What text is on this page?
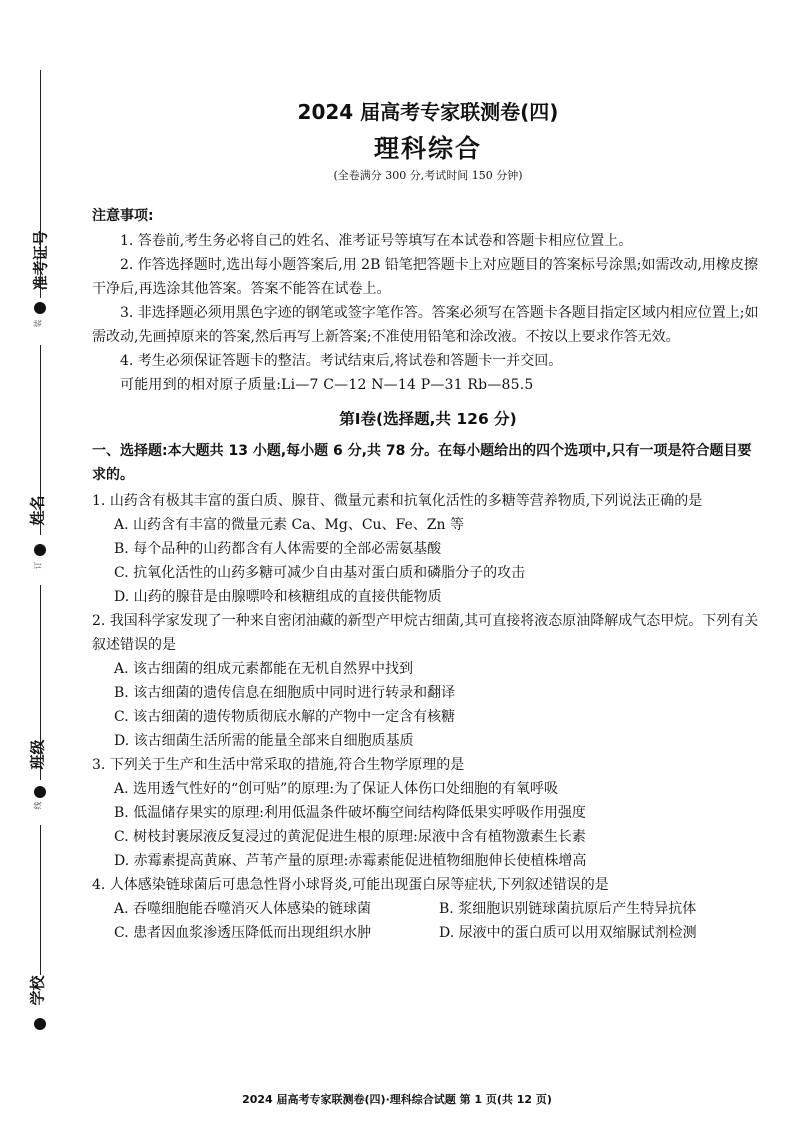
准考证号
装
姓名
订
班级
线
学校
2024 届高考专家联测卷(四)
理科综合

(全卷满分 300 分,考试时间 150 分钟)

注意事项:

1. 答卷前,考生务必将自己的姓名、准考证号等填写在本试卷和答题卡相应位置上。

2. 作答选择题时,选出每小题答案后,用 2B 铅笔把答题卡上对应题目的答案标号涂黑;如需改动,用橡皮擦干净后,再选涂其他答案。答案不能答在试卷上。

3. 非选择题必须用黑色字迹的钢笔或签字笔作答。答案必须写在答题卡各题目指定区域内相应位置上;如需改动,先画掉原来的答案,然后再写上新答案;不准使用铅笔和涂改液。不按以上要求作答无效。

4. 考生必须保证答题卡的整洁。考试结束后,将试卷和答题卡一并交回。

可能用到的相对原子质量:Li—7 C—12 N—14 P—31 Rb—85.5

第Ⅰ卷(选择题,共 126 分)

一、选择题:本大题共 13 小题,每小题 6 分,共 78 分。在每小题给出的四个选项中,只有一项是符合题目要求的。

1. 山药含有极其丰富的蛋白质、腺苷、微量元素和抗氧化活性的多糖等营养物质,下列说法正确的是

A. 山药含有丰富的微量元素 Ca、Mg、Cu、Fe、Zn 等

B. 每个品种的山药都含有人体需要的全部必需氨基酸

C. 抗氧化活性的山药多糖可减少自由基对蛋白质和磷脂分子的攻击

D. 山药的腺苷是由腺嘌呤和核糖组成的直接供能物质

2. 我国科学家发现了一种来自密闭油藏的新型产甲烷古细菌,其可直接将液态原油降解成气态甲烷。下列有关叙述错误的是

A. 该古细菌的组成元素都能在无机自然界中找到

B. 该古细菌的遗传信息在细胞质中同时进行转录和翻译

C. 该古细菌的遗传物质彻底水解的产物中一定含有核糖

D. 该古细菌生活所需的能量全部来自细胞质基质

3. 下列关于生产和生活中常采取的措施,符合生物学原理的是

A. 选用透气性好的“创可贴”的原理:为了保证人体伤口处细胞的有氧呼吸

B. 低温储存果实的原理:利用低温条件破坏酶空间结构降低果实呼吸作用强度

C. 树枝封裹尿液反复浸过的黄泥促进生根的原理:尿液中含有植物激素生长素

D. 赤霉素提高黄麻、芦苇产量的原理:赤霉素能促进植物细胞伸长使植株增高

4. 人体感染链球菌后可患急性肾小球肾炎,可能出现蛋白尿等症状,下列叙述错误的是

A. 吞噬细胞能吞噬消灭人体感染的链球菌	B. 浆细胞识别链球菌抗原后产生特异抗体

C. 患者因血浆渗透压降低而出现组织水肿	D. 尿液中的蛋白质可以用双缩脲试剂检测

2024 届高考专家联测卷(四)·理科综合试题 第 1 页(共 12 页)
